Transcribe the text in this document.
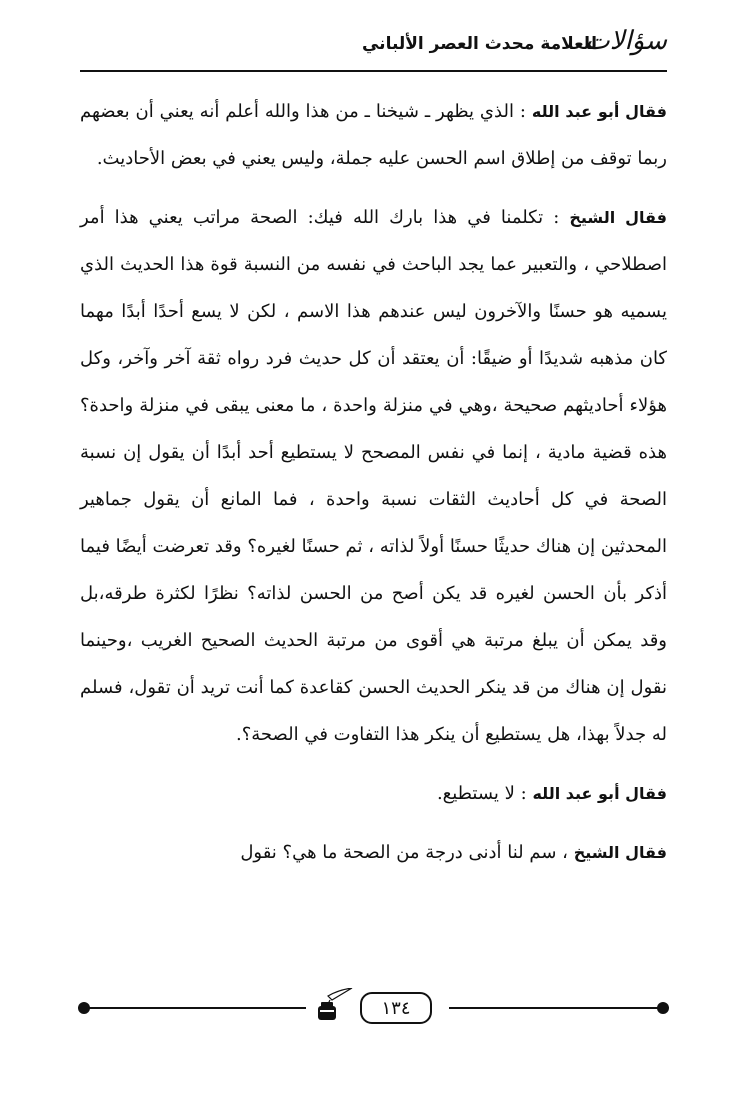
سؤالات
للعلامة محدث العصر الألباني

فقال أبو عبد الله : الذي يظهر ـ شيخنا ـ من هذا والله أعلم أنه يعني أن بعضهم ربما توقف من إطلاق اسم الحسن عليه جملة، وليس يعني في بعض الأحاديث.

فقال الشيخ : تكلمنا في هذا بارك الله فيك: الصحة مراتب يعني هذا أمر اصطلاحي ، والتعبير عما يجد الباحث في نفسه من النسبة قوة هذا الحديث الذي يسميه هو حسنًا والآخرون ليس عندهم هذا الاسم ، لكن لا يسع أحدًا أبدًا مهما كان مذهبه شديدًا أو ضيقًا: أن يعتقد أن كل حديث فرد رواه ثقة آخر وآخر، وكل هؤلاء أحاديثهم صحيحة ،وهي في منزلة واحدة ، ما معنى يبقى في منزلة واحدة؟ هذه قضية مادية ، إنما في نفس المصحح لا يستطيع أحد أبدًا أن يقول إن نسبة الصحة في كل أحاديث الثقات نسبة واحدة ، فما المانع أن يقول جماهير المحدثين إن هناك حديثًا حسنًا أولاً لذاته ، ثم حسنًا لغيره؟ وقد تعرضت أيضًا فيما أذكر بأن الحسن لغيره قد يكن أصح من الحسن لذاته؟ نظرًا لكثرة طرقه،بل وقد يمكن أن يبلغ مرتبة هي أقوى من مرتبة الحديث الصحيح الغريب ،وحينما نقول إن هناك من قد ينكر الحديث الحسن كقاعدة كما أنت تريد أن تقول، فسلم له جدلاً بهذا، هل يستطيع أن ينكر هذا التفاوت في الصحة؟.

فقال أبو عبد الله : لا يستطيع.

فقال الشيخ ، سم لنا أدنى درجة من الصحة ما هي؟ نقول

١٣٤
